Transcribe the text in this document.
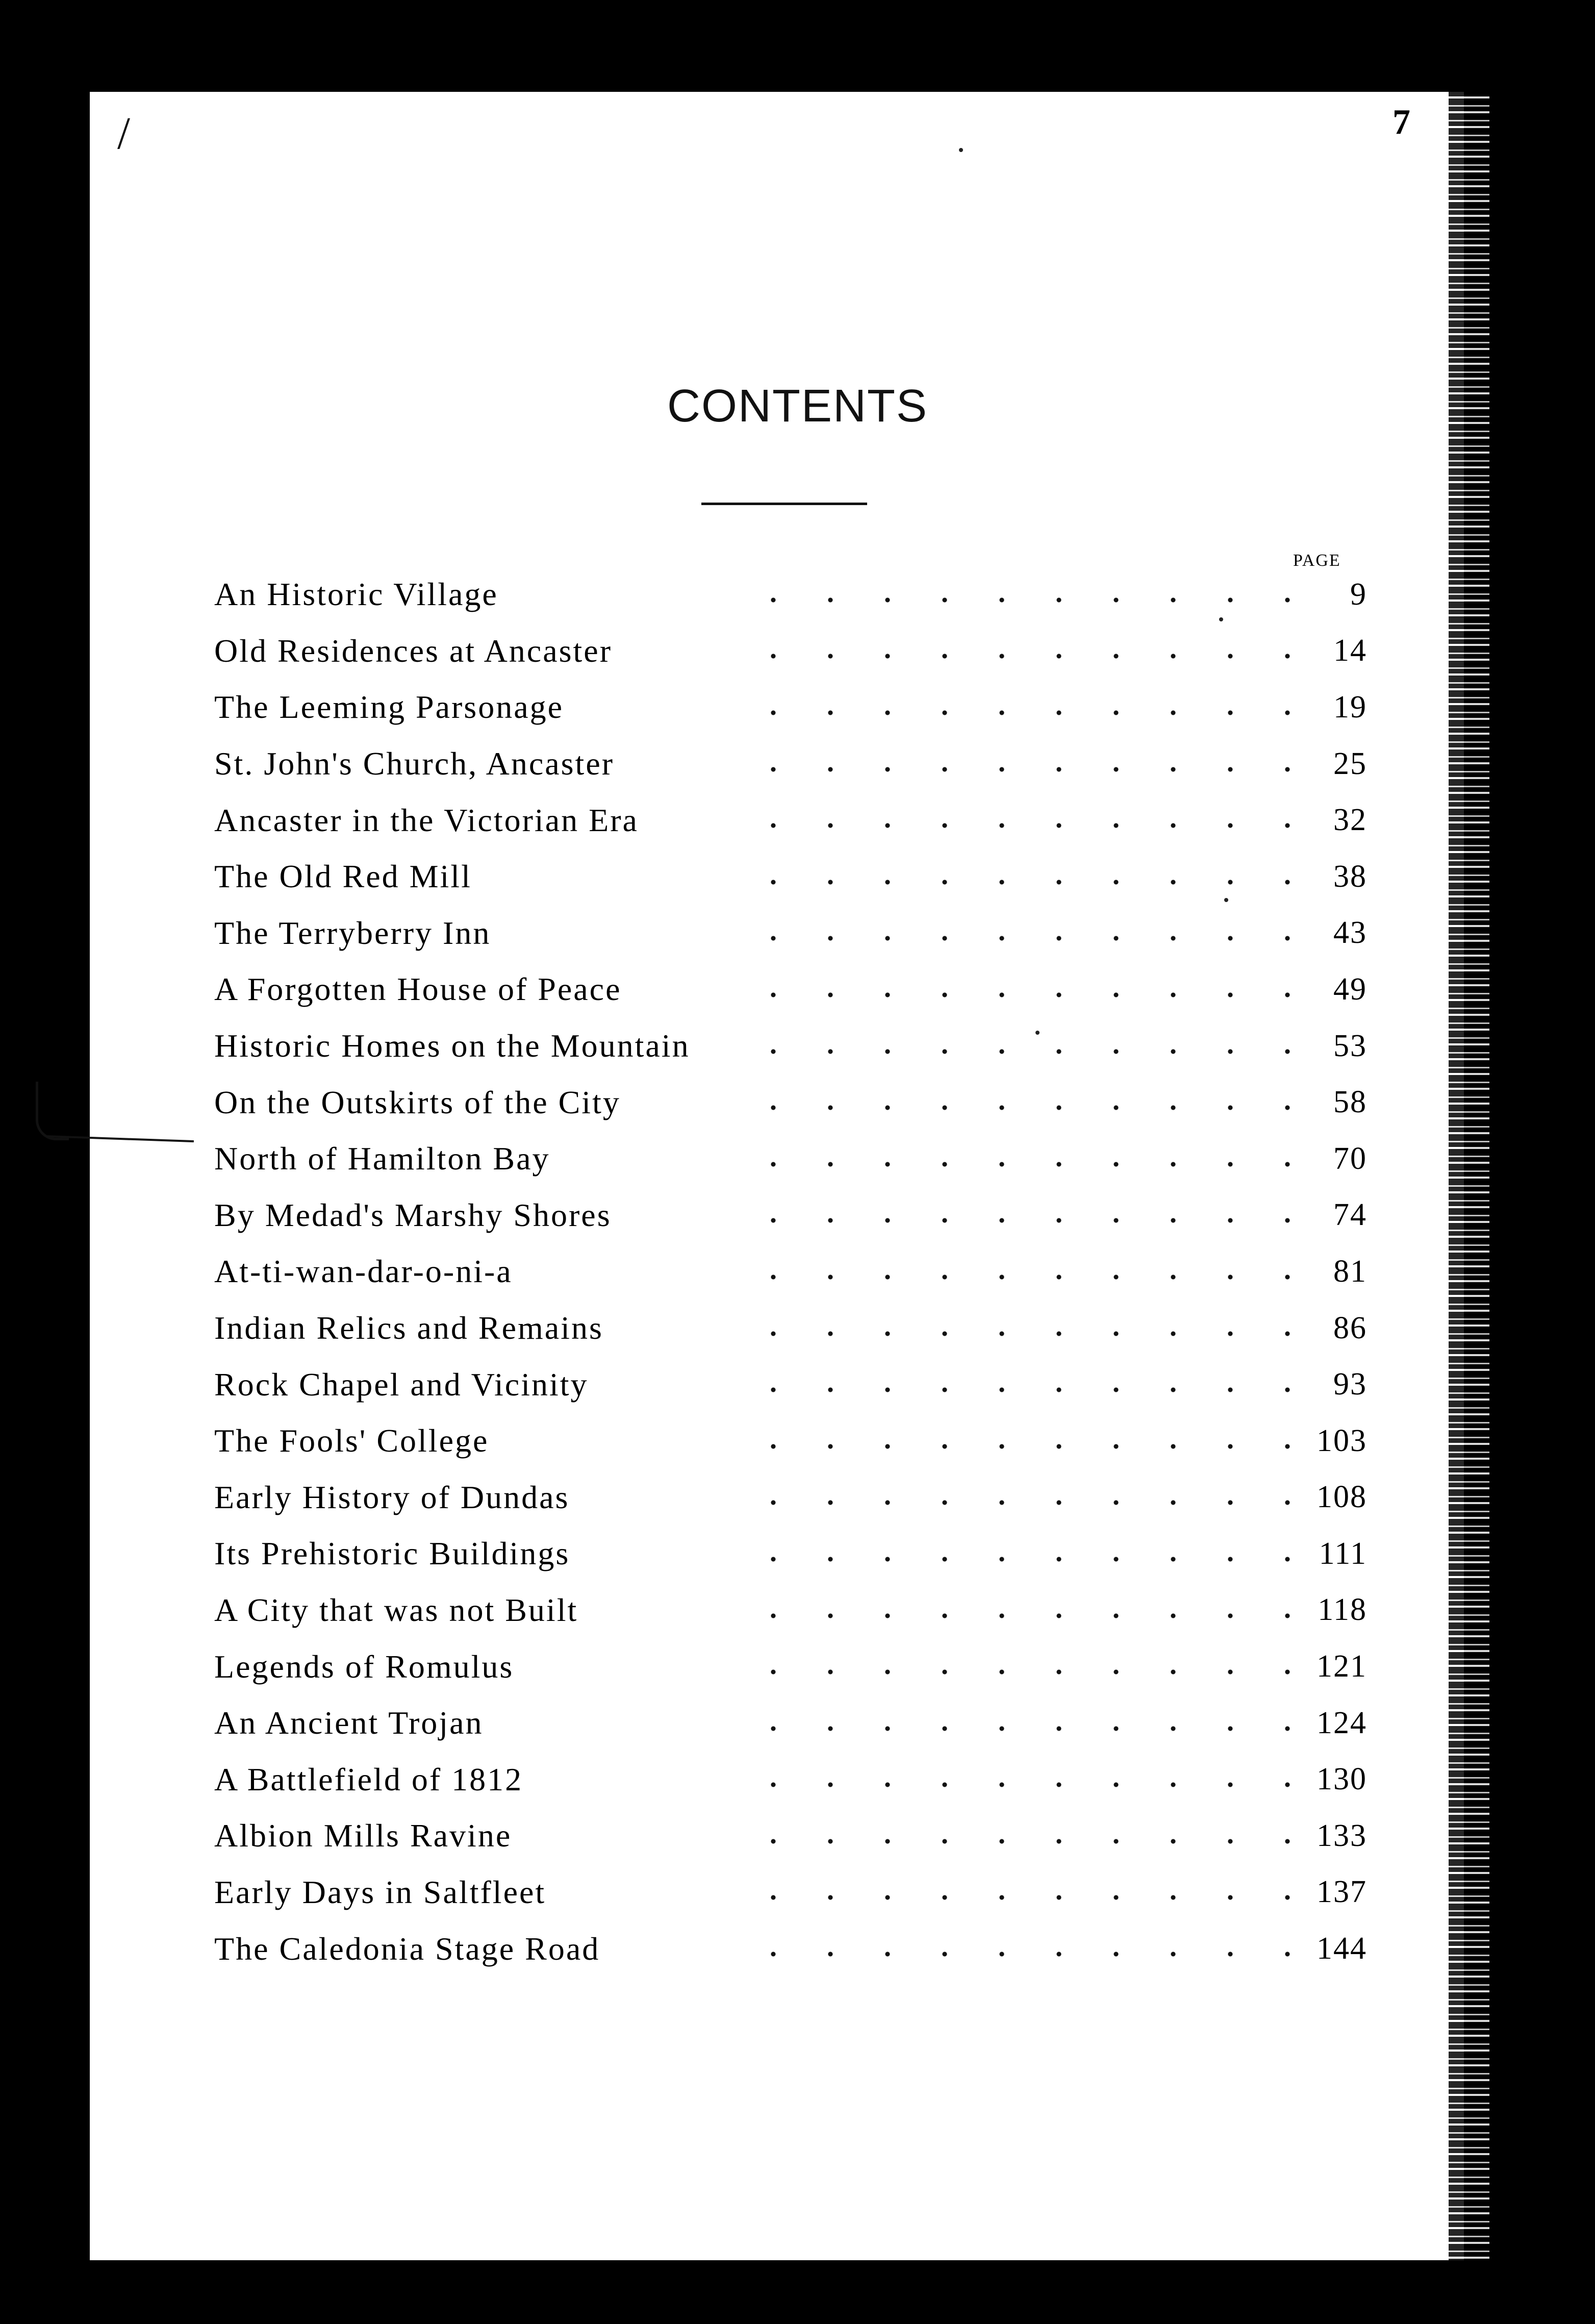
/	7
CONTENTS
PAGE
An Historic Village	9
Old Residences at Ancaster	14
The Leeming Parsonage	19
St. John's Church, Ancaster	25
Ancaster in the Victorian Era	32
The Old Red Mill	38
The Terryberry Inn	43
A Forgotten House of Peace	49
Historic Homes on the Mountain	53
On the Outskirts of the City	58
North of Hamilton Bay	70
By Medad's Marshy Shores	74
At-ti-wan-dar-o-ni-a	81
Indian Relics and Remains	86
Rock Chapel and Vicinity	93
The Fools' College	103
Early History of Dundas	108
Its Prehistoric Buildings	111
A City that was not Built	118
Legends of Romulus	121
An Ancient Trojan	124
A Battlefield of 1812	130
Albion Mills Ravine	133
Early Days in Saltfleet	137
The Caledonia Stage Road	144
